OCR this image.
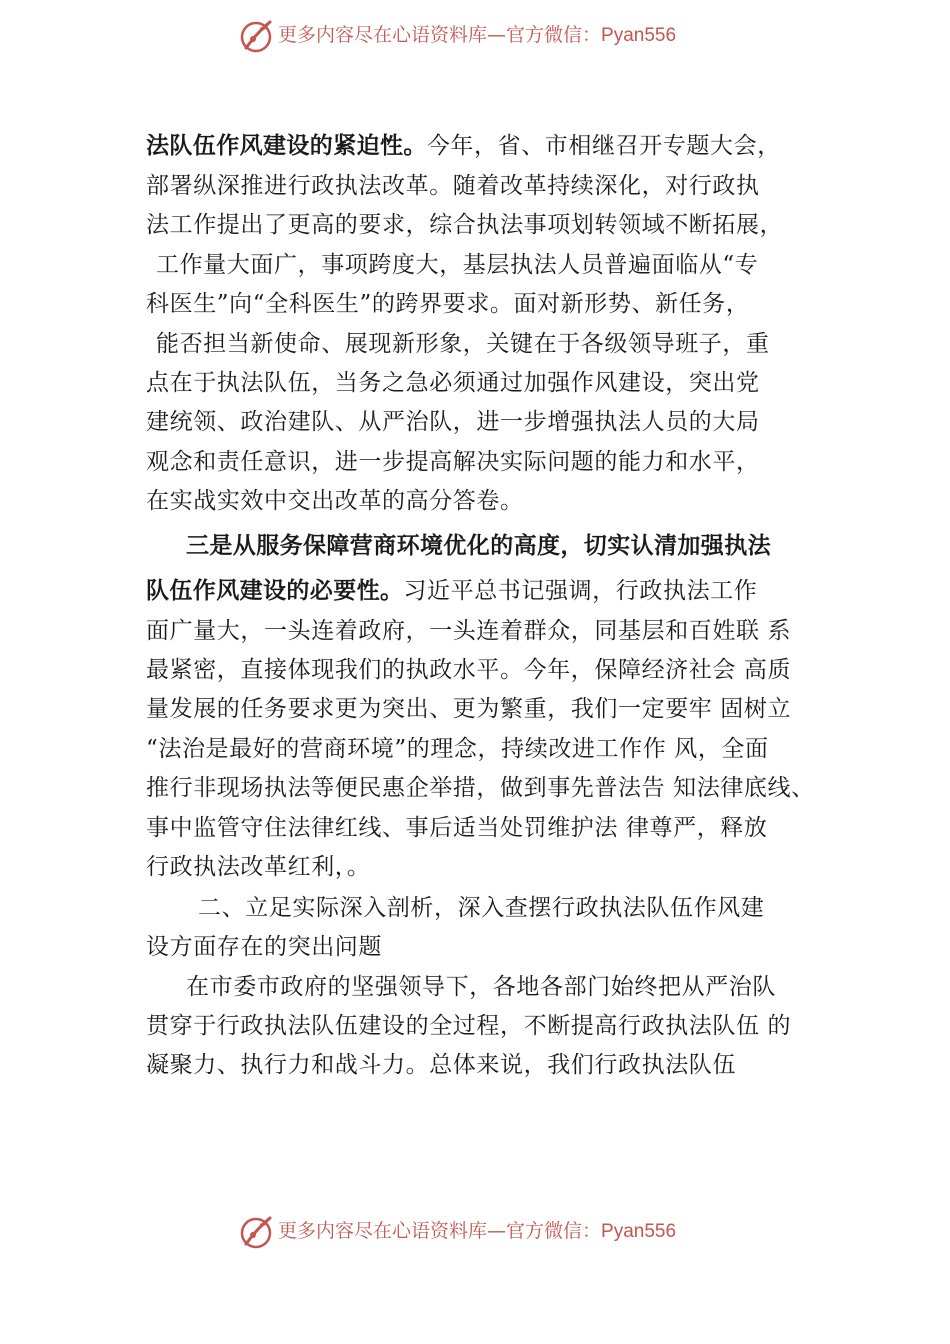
更多内容尽在心语资料库—官方微信：Pyan556
法队伍作风建设的紧迫性。今年，省、市相继召开专题大会，
部署纵深推进行政执法改革。随着改革持续深化，对行政执
法工作提出了更高的要求，综合执法事项划转领域不断拓展，
工作量大面广，事项跨度大，基层执法人员普遍面临从“专
科医生”向“全科医生”的跨界要求。面对新形势、新任务，
能否担当新使命、展现新形象，关键在于各级领导班子，重
点在于执法队伍，当务之急必须通过加强作风建设，突出党
建统领、政治建队、从严治队，进一步增强执法人员的大局
观念和责任意识，进一步提高解决实际问题的能力和水平，
在实战实效中交出改革的高分答卷。
三是从服务保障营商环境优化的高度，切实认清加强执法
队伍作风建设的必要性。习近平总书记强调，行政执法工作
面广量大，一头连着政府，一头连着群众，同基层和百姓联 系
最紧密，直接体现我们的执政水平。今年，保障经济社会 高质
量发展的任务要求更为突出、更为繁重，我们一定要牢 固树立
“法治是最好的营商环境”的理念，持续改进工作作 风，全面
推行非现场执法等便民惠企举措，做到事先普法告 知法律底线、
事中监管守住法律红线、事后适当处罚维护法 律尊严，释放
行政执法改革红利，。
二、立足实际深入剖析，深入查摆行政执法队伍作风建
设方面存在的突出问题
在市委市政府的坚强领导下，各地各部门始终把从严治队
贯穿于行政执法队伍建设的全过程，不断提高行政执法队伍 的
凝聚力、执行力和战斗力。总体来说，我们行政执法队伍
更多内容尽在心语资料库—官方微信：Pyan556
